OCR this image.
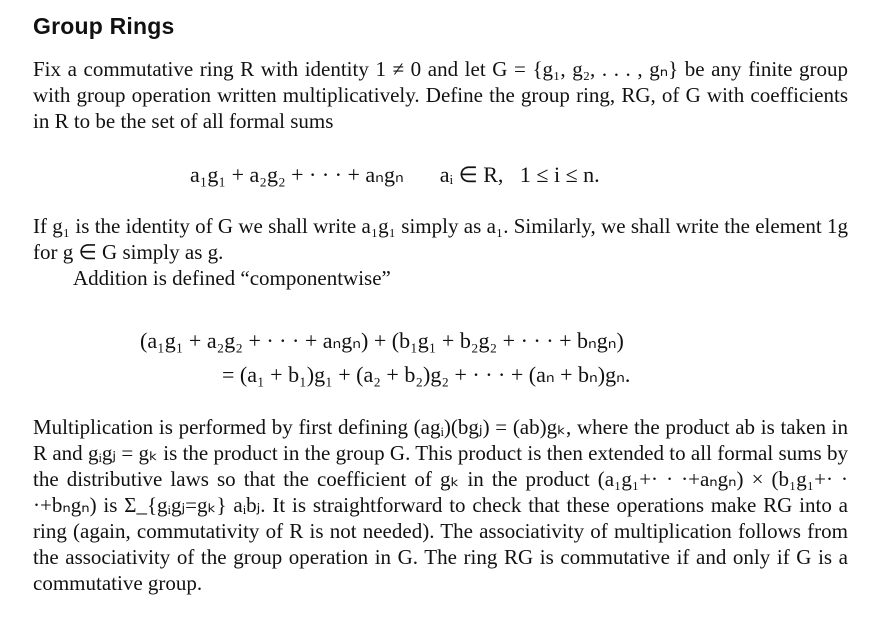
Group Rings
Fix a commutative ring R with identity 1 ≠ 0 and let G = {g₁, g₂, . . . , gₙ} be any finite group with group operation written multiplicatively. Define the group ring, RG, of G with coefficients in R to be the set of all formal sums
a₁g₁ + a₂g₂ + · · · + aₙgₙ aᵢ ∈ R, 1 ≤ i ≤ n.
If g₁ is the identity of G we shall write a₁g₁ simply as a₁. Similarly, we shall write the element 1g for g ∈ G simply as g.
Addition is defined “componentwise”
(a₁g₁ + a₂g₂ + · · · + aₙgₙ) + (b₁g₁ + b₂g₂ + · · · + bₙgₙ)
= (a₁ + b₁)g₁ + (a₂ + b₂)g₂ + · · · + (aₙ + bₙ)gₙ.
Multiplication is performed by first defining (agᵢ)(bgⱼ) = (ab)gₖ, where the product ab is taken in R and gᵢgⱼ = gₖ is the product in the group G. This product is then extended to all formal sums by the distributive laws so that the coefficient of gₖ in the product (a₁g₁+· · ·+aₙgₙ) × (b₁g₁+· · ·+bₙgₙ) is Σ_{gᵢgⱼ=gₖ} aᵢbⱼ. It is straightforward to check that these operations make RG into a ring (again, commutativity of R is not needed). The associativity of multiplication follows from the associativity of the group operation in G. The ring RG is commutative if and only if G is a commutative group.
